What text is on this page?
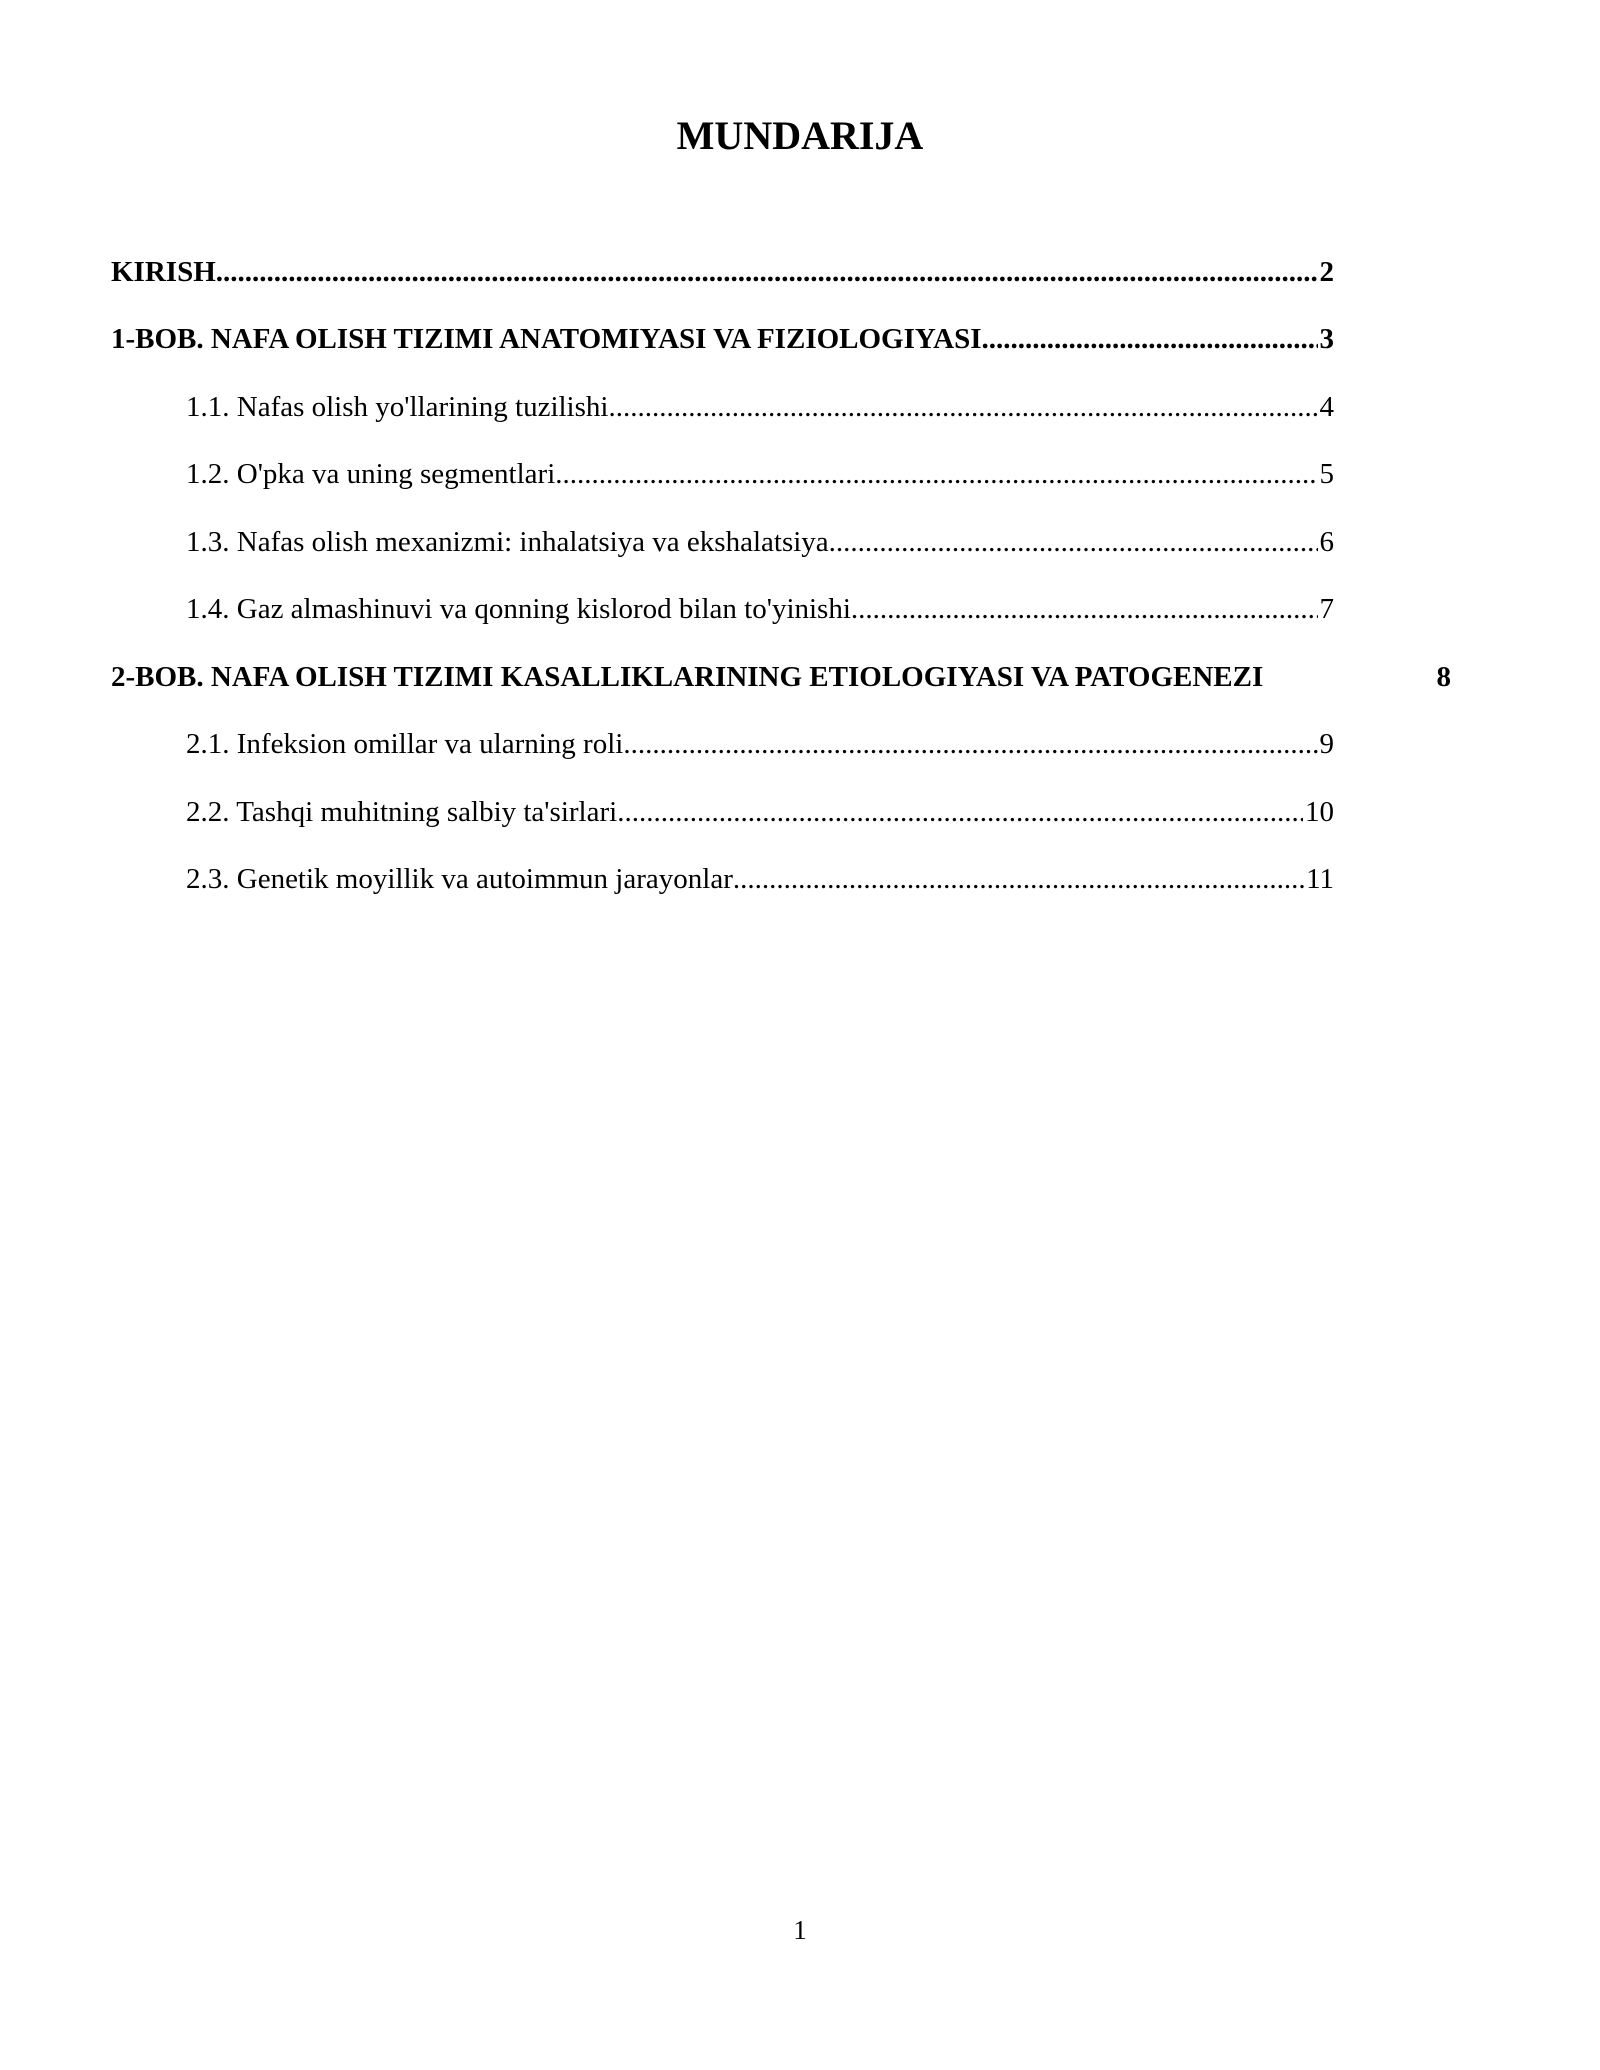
MUNDARIJA
KIRISH .....	2
1-BOB. NAFA OLISH TIZIMI ANATOMIYASI VA FIZIOLOGIYASI .....	3
1.1. Nafas olish yo'llarining tuzilishi .....	4
1.2. O'pka va uning segmentlari .....	5
1.3. Nafas olish mexanizmi: inhalatsiya va ekshalatsiya .....	6
1.4. Gaz almashinuvi va qonning kislorod bilan to'yinishi .....	7
2-BOB. NAFA OLISH TIZIMI KASALLIKLARINING ETIOLOGIYASI VA PATOGENEZI	8
2.1. Infeksion omillar va ularning roli .....	9
2.2. Tashqi muhitning salbiy ta'sirlari .....	10
2.3. Genetik moyillik va autoimmun jarayonlar .....	11
1
